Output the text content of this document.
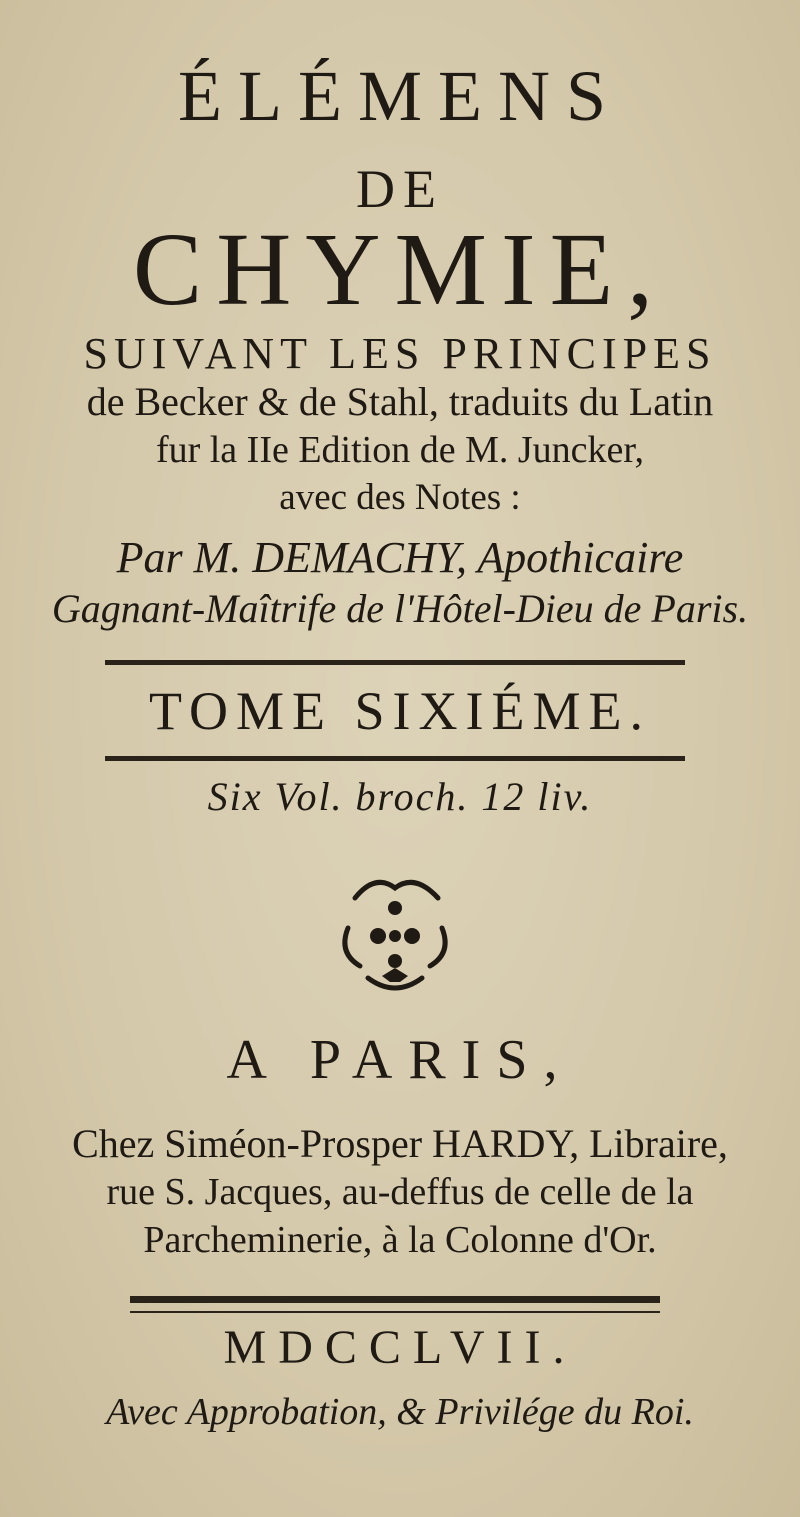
ÉLÉMENS
DE
CHYMIE,
SUIVANT LES PRINCIPES
de Becker & de Stahl, traduits du Latin
fur la IIe Edition de M. Juncker,
avec des Notes :
Par M. DEMACHY, Apothicaire
Gagnant-Maîtrife de l'Hôtel-Dieu de Paris.
TOME SIXIÉME.
Six Vol. broch. 12 liv.
A PARIS,
Chez Siméon-Prosper HARDY, Libraire,
rue S. Jacques, au-deffus de celle de la
Parcheminerie, à la Colonne d'Or.
MDCCLVII.
Avec Approbation, & Privilége du Roi.
